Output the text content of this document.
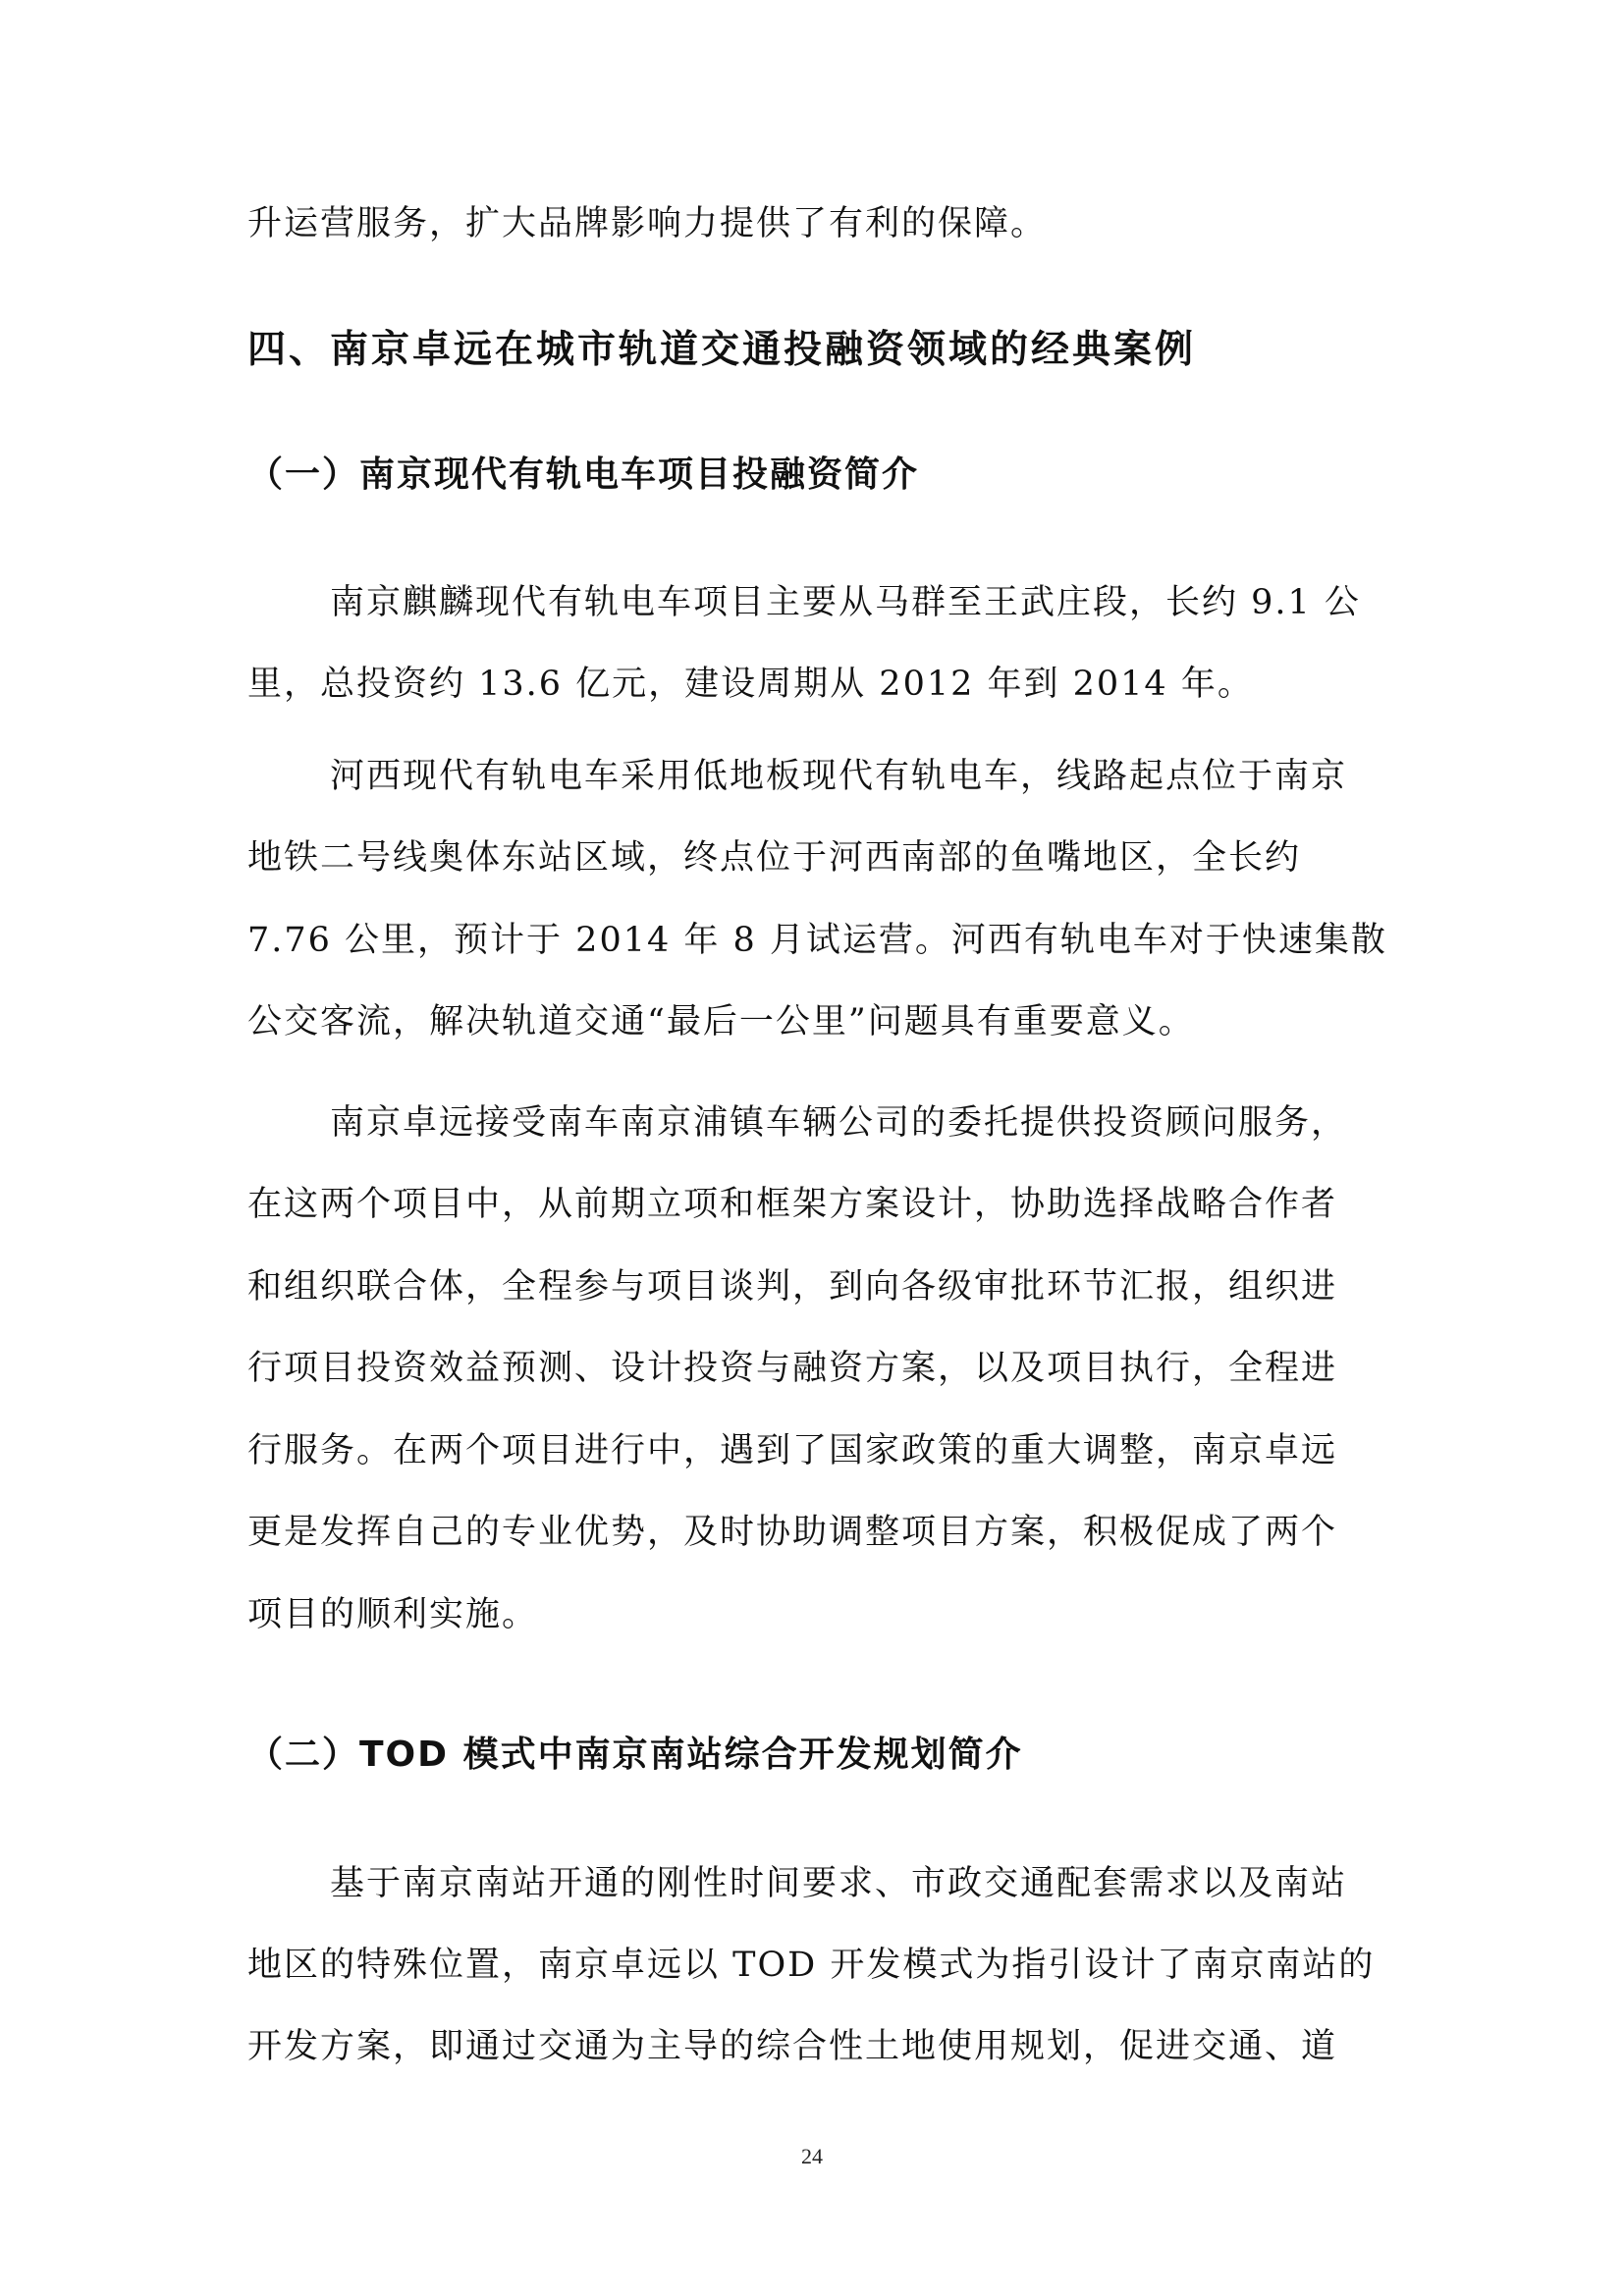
升运营服务，扩大品牌影响力提供了有利的保障。
四、南京卓远在城市轨道交通投融资领域的经典案例
（一）南京现代有轨电车项目投融资简介
南京麒麟现代有轨电车项目主要从马群至王武庄段，长约 9.1 公
里，总投资约 13.6 亿元，建设周期从 2012 年到 2014 年。
河西现代有轨电车采用低地板现代有轨电车，线路起点位于南京
地铁二号线奥体东站区域，终点位于河西南部的鱼嘴地区，全长约
7.76 公里，预计于 2014 年 8 月试运营。河西有轨电车对于快速集散
公交客流，解决轨道交通“最后一公里”问题具有重要意义。
南京卓远接受南车南京浦镇车辆公司的委托提供投资顾问服务，
在这两个项目中，从前期立项和框架方案设计，协助选择战略合作者
和组织联合体，全程参与项目谈判，到向各级审批环节汇报，组织进
行项目投资效益预测、设计投资与融资方案，以及项目执行，全程进
行服务。在两个项目进行中，遇到了国家政策的重大调整，南京卓远
更是发挥自己的专业优势，及时协助调整项目方案，积极促成了两个
项目的顺利实施。
（二）TOD 模式中南京南站综合开发规划简介
基于南京南站开通的刚性时间要求、市政交通配套需求以及南站
地区的特殊位置，南京卓远以 TOD 开发模式为指引设计了南京南站的
开发方案，即通过交通为主导的综合性土地使用规划，促进交通、道
24
